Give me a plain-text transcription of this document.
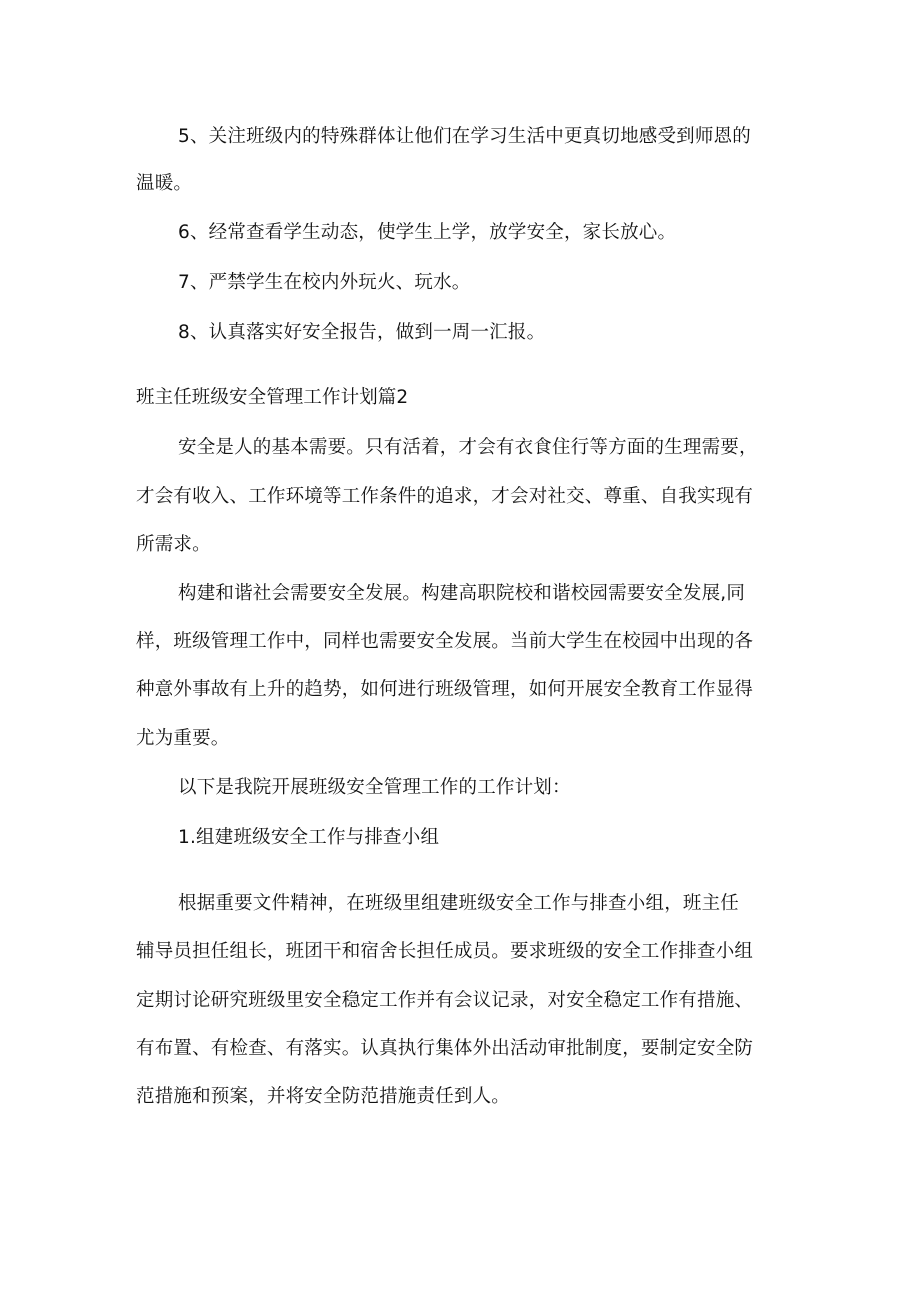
5、关注班级内的特殊群体让他们在学习生活中更真切地感受到师恩的

温暖。

6、经常查看学生动态，使学生上学，放学安全，家长放心。

7、严禁学生在校内外玩火、玩水。

8、认真落实好安全报告，做到一周一汇报。

班主任班级安全管理工作计划篇2

安全是人的基本需要。只有活着，才会有衣食住行等方面的生理需要，

才会有收入、工作环境等工作条件的追求，才会对社交、尊重、自我实现有

所需求。

构建和谐社会需要安全发展。构建高职院校和谐校园需要安全发展,同

样，班级管理工作中，同样也需要安全发展。当前大学生在校园中出现的各

种意外事故有上升的趋势，如何进行班级管理，如何开展安全教育工作显得

尤为重要。

以下是我院开展班级安全管理工作的工作计划：

1.组建班级安全工作与排查小组

根据重要文件精神，在班级里组建班级安全工作与排查小组，班主任

辅导员担任组长，班团干和宿舍长担任成员。要求班级的安全工作排查小组

定期讨论研究班级里安全稳定工作并有会议记录，对安全稳定工作有措施、

有布置、有检查、有落实。认真执行集体外出活动审批制度，要制定安全防

范措施和预案，并将安全防范措施责任到人。
